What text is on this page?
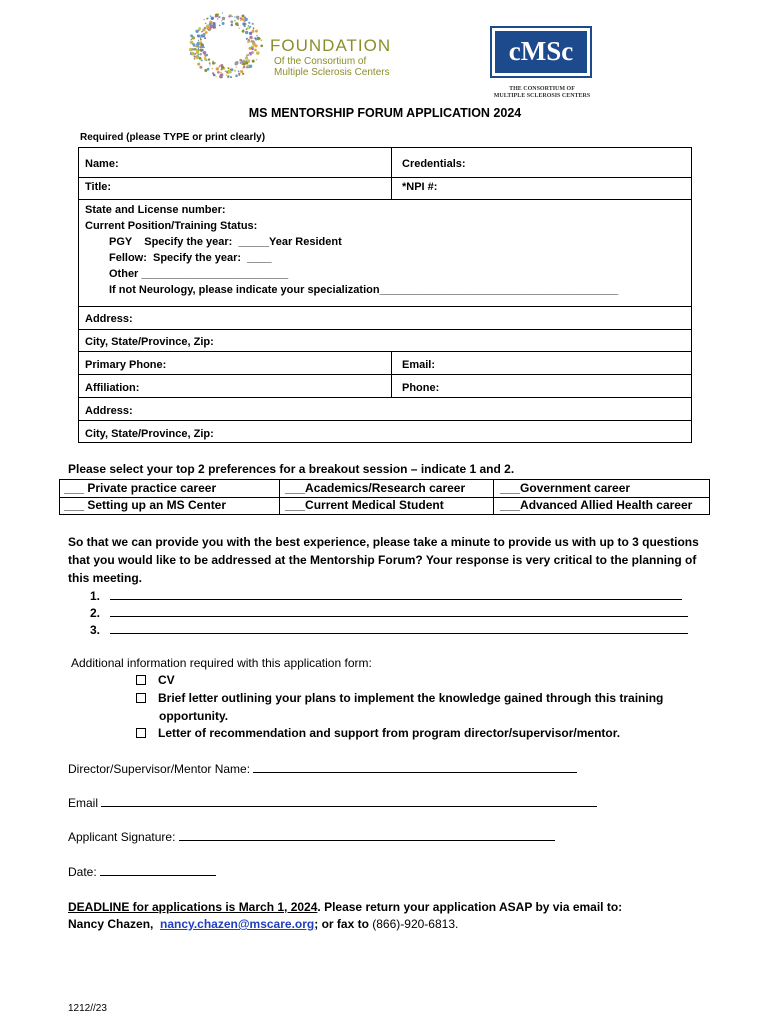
FOUNDATION
Of the Consortium of
Multiple Sclerosis Centers
cMSc
THE CONSORTIUM OF
MULTIPLE SCLEROSIS CENTERS
MS MENTORSHIP FORUM APPLICATION 2024
Required (please TYPE or print clearly)
Name:	Credentials:
Title:	*NPI #:
State and License number:
Current Position/Training Status:
PGY    Specify the year:  _____Year Resident
Fellow:  Specify the year:  ____
Other ________________________
If not Neurology, please indicate your specialization_______________________________________
Address:
City, State/Province, Zip:
Primary Phone:	Email:
Affiliation:	Phone:
Address:
City, State/Province, Zip:
Please select your top 2 preferences for a breakout session – indicate 1 and 2.
___ Private practice career	___Academics/Research career	___Government career
___ Setting up an MS Center	___Current Medical Student	___Advanced Allied Health career
So that we can provide you with the best experience, please take a minute to provide us with up to 3 questions that you would like to be addressed at the Mentorship Forum? Your response is very critical to the planning of this meeting.
1.
2.
3.
Additional information required with this application form:
CV
Brief letter outlining your plans to implement the knowledge gained through this training
opportunity.
Letter of recommendation and support from program director/supervisor/mentor.
Director/Supervisor/Mentor Name:
Email
Applicant Signature:
Date:
DEADLINE for applications is March 1, 2024. Please return your application ASAP by via email to:
Nancy Chazen, nancy.chazen@mscare.org; or fax to (866)-920-6813.
1212//23
